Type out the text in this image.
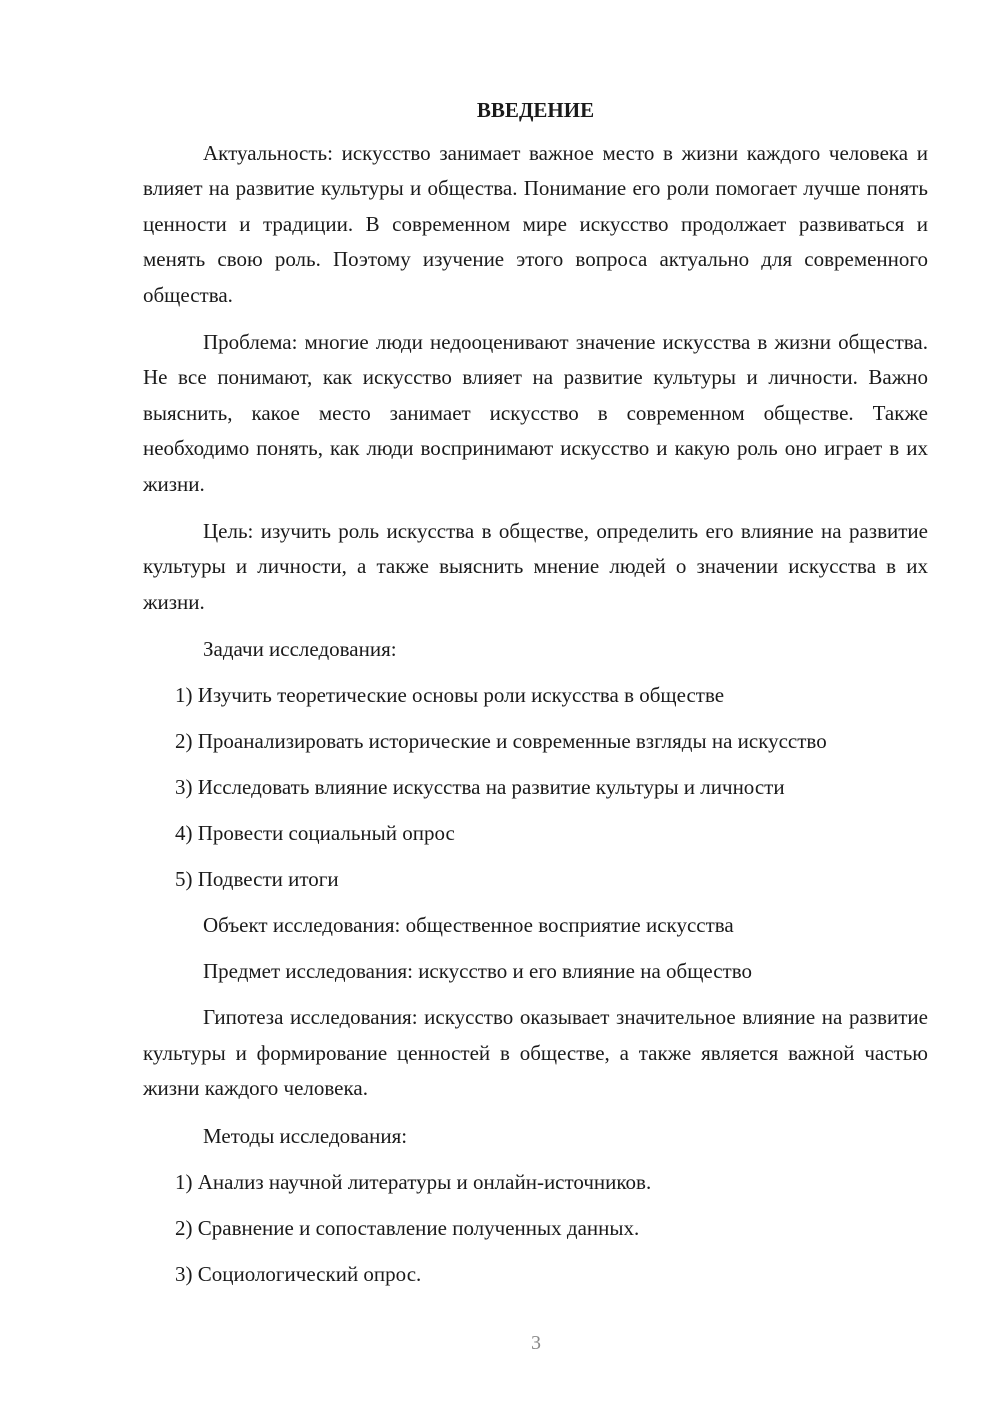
ВВЕДЕНИЕ

Актуальность: искусство занимает важное место в жизни каждого человека и влияет на развитие культуры и общества. Понимание его роли помогает лучше понять ценности и традиции. В современном мире искусство продолжает развиваться и менять свою роль. Поэтому изучение этого вопроса актуально для современного общества.

Проблема: многие люди недооценивают значение искусства в жизни общества. Не все понимают, как искусство влияет на развитие культуры и личности. Важно выяснить, какое место занимает искусство в современном обществе. Также необходимо понять, как люди воспринимают искусство и какую роль оно играет в их жизни.

Цель: изучить роль искусства в обществе, определить его влияние на развитие культуры и личности, а также выяснить мнение людей о значении искусства в их жизни.

Задачи исследования:

1) Изучить теоретические основы роли искусства в обществе

2) Проанализировать исторические и современные взгляды на искусство

3) Исследовать влияние искусства на развитие культуры и личности

4) Провести социальный опрос

5) Подвести итоги

Объект исследования: общественное восприятие искусства

Предмет исследования: искусство и его влияние на общество

Гипотеза исследования: искусство оказывает значительное влияние на развитие культуры и формирование ценностей в обществе, а также является важной частью жизни каждого человека.

Методы исследования:

1) Анализ научной литературы и онлайн-источников.

2) Сравнение и сопоставление полученных данных.

3) Социологический опрос.

3
